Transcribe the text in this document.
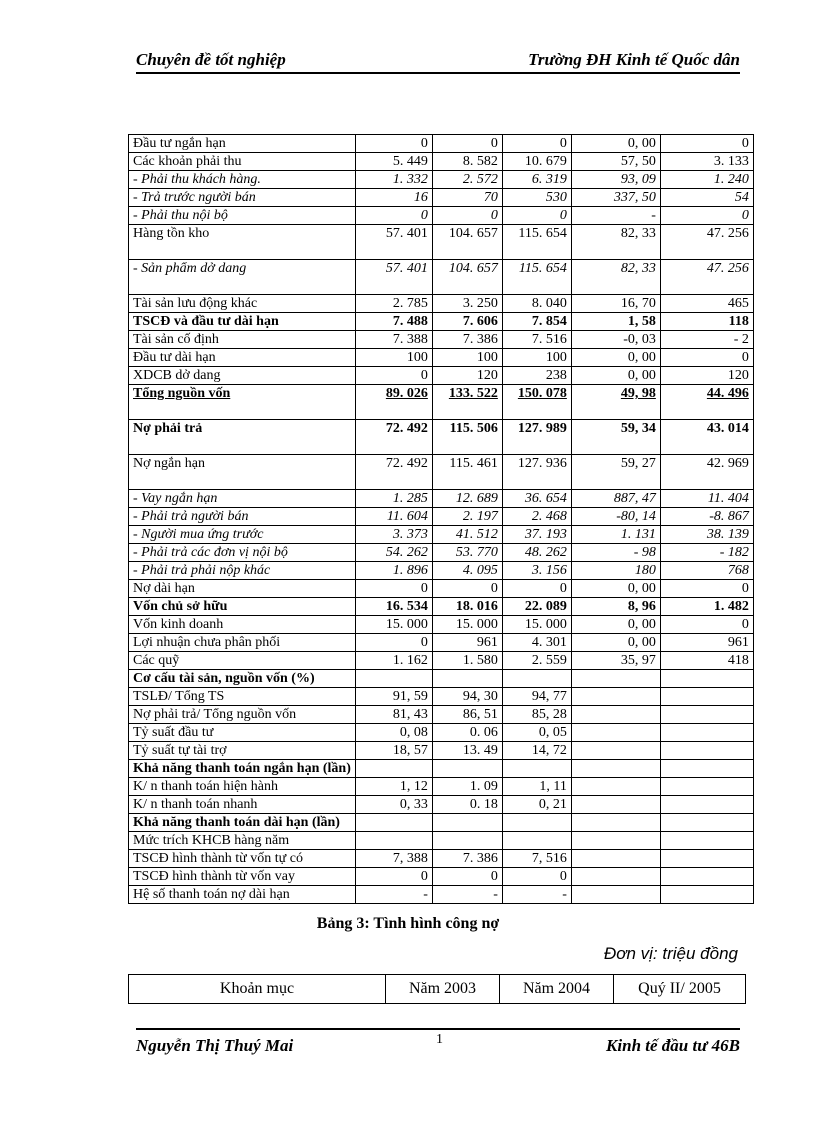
Chuyên đề tốt nghiệp	Trường ĐH Kinh tế Quốc dân
Đầu tư ngắn hạn	0	0	0	0, 00	0
Các khoản phải thu	5. 449	8. 582	10. 679	57, 50	3. 133
- Phải thu khách hàng.	1. 332	2. 572	6. 319	93, 09	1. 240
- Trả trước người bán	16	70	530	337, 50	54
- Phải thu nội bộ	0	0	0	-	0
Hàng tồn kho	57. 401	104. 657	115. 654	82, 33	47. 256
- Sản phẩm dở dang	57. 401	104. 657	115. 654	82, 33	47. 256
Tài sản lưu động khác	2. 785	3. 250	8. 040	16, 70	465
TSCĐ và đầu tư dài hạn	7. 488	7. 606	7. 854	1, 58	118
Tài sản cố định	7. 388	7. 386	7. 516	-0, 03	- 2
Đầu tư dài hạn	100	100	100	0, 00	0
XDCB dở dang	0	120	238	0, 00	120
Tổng nguồn vốn	89. 026	133. 522	150. 078	49, 98	44. 496
Nợ phải trả	72. 492	115. 506	127. 989	59, 34	43. 014
Nợ ngắn hạn	72. 492	115. 461	127. 936	59, 27	42. 969
- Vay ngắn hạn	1. 285	12. 689	36. 654	887, 47	11. 404
- Phải trả người bán	11. 604	2. 197	2. 468	-80, 14	-8. 867
- Người mua ứng trước	3. 373	41. 512	37. 193	1. 131	38. 139
- Phải trả các đơn vị nội bộ	54. 262	53. 770	48. 262	- 98	- 182
- Phải trả phải nộp khác	1. 896	4. 095	3. 156	180	768
Nợ dài hạn	0	0	0	0, 00	0
Vốn chủ sở hữu	16. 534	18. 016	22. 089	8, 96	1. 482
Vốn kinh doanh	15. 000	15. 000	15. 000	0, 00	0
Lợi nhuận chưa phân phối	0	961	4. 301	0, 00	961
Các quỹ	1. 162	1. 580	2. 559	35, 97	418
Cơ cấu tài sản, nguồn vốn (%)					
TSLĐ/ Tổng TS	91, 59	94, 30	94, 77		
Nợ phải trả/ Tổng nguồn vốn	81, 43	86, 51	85, 28		
Tỷ suất đầu tư	0, 08	0. 06	0, 05		
Tỷ suất tự tài trợ	18, 57	13. 49	14, 72		
Khả năng thanh toán ngắn hạn (lần)					
K/ n thanh toán hiện hành	1, 12	1. 09	1, 11		
K/ n thanh toán nhanh	0, 33	0. 18	0, 21		
Khả năng thanh toán dài hạn (lần)					
Mức trích KHCB hàng năm					
TSCĐ hình thành từ vốn tự có	7, 388	7. 386	7, 516		
TSCĐ hình thành từ vốn vay	0	0	0		
Hệ số thanh toán nợ dài hạn	-	-	-		
Bảng 3: Tình hình công nợ
Đơn vị: triệu đồng
Khoản mục	Năm 2003	Năm 2004	Quý II/ 2005
Nguyễn Thị Thuý Mai	1	Kinh tế đầu tư 46B
